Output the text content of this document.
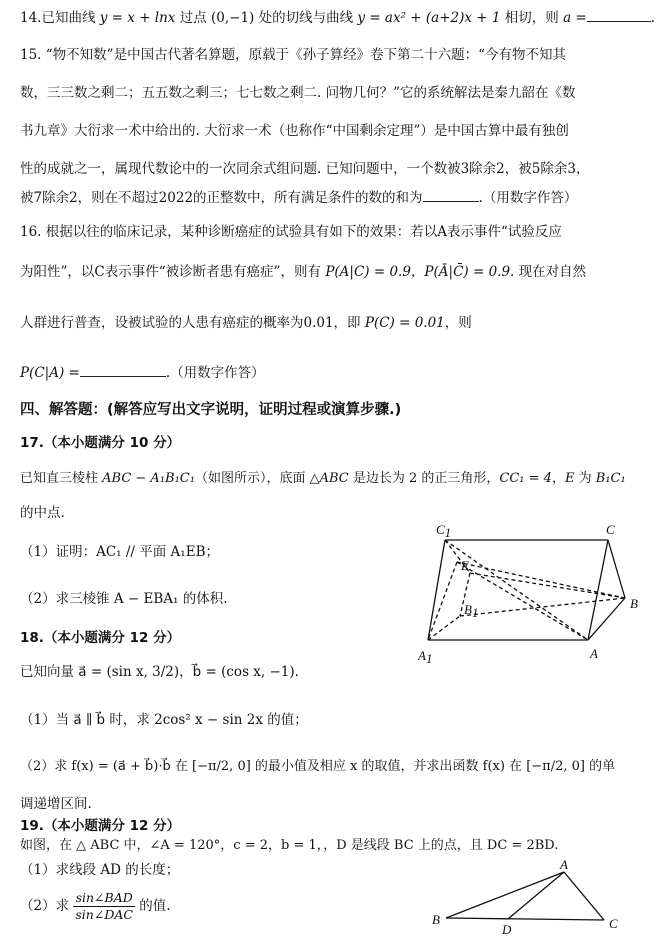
14.已知曲线 y = x + lnx 过点 (0,−1) 处的切线与曲线 y = ax² + (a+2)x + 1 相切，则 a =	.
15. “物不知数”是中国古代著名算题，原载于《孙子算经》卷下第二十六题：“今有物不知其
数，三三数之剩二；五五数之剩三；七七数之剩二. 问物几何？”它的系统解法是秦九韶在《数
书九章》大衍求一术中给出的. 大衍求一术（也称作“中国剩余定理”）是中国古算中最有独创
性的成就之一，属现代数论中的一次同余式组问题. 已知问题中，一个数被3除余2，被5除余3，
被7除余2，则在不超过2022的正整数中，所有满足条件的数的和为	.（用数字作答）
16. 根据以往的临床记录，某种诊断癌症的试验具有如下的效果：若以A表示事件“试验反应
为阳性”，以C表示事件“被诊断者患有癌症”，则有 P(A|C) = 0.9，P(Ā|C̄) = 0.9. 现在对自然
人群进行普查，设被试验的人患有癌症的概率为0.01，即 P(C) = 0.01，则
P(C|A) =	.（用数字作答）
四、解答题：(解答应写出文字说明，证明过程或演算步骤.)
17.（本小题满分 10 分）
已知直三棱柱 ABC − A₁B₁C₁（如图所示），底面 △ABC 是边长为 2 的正三角形，CC₁ = 4，E 为 B₁C₁
的中点.
（1）证明：AC₁ // 平面 A₁EB；
（2）求三棱锥 A − EBA₁ 的体积.
C1	C
E
B1
B
A1	A
18.（本小题满分 12 分）
已知向量 a⃗ = (sin x, 3/2)，b⃗ = (cos x, −1).
（1）当 a⃗ ∥ b⃗ 时，求 2cos² x − sin 2x 的值；
（2）求 f(x) = (a⃗ + b⃗)·b⃗ 在 [−π/2, 0] 的最小值及相应 x 的取值，并求出函数 f(x) 在 [−π/2, 0] 的单
调递增区间.
19.（本小题满分 12 分）
如图，在 △ ABC 中，∠A = 120°，c = 2，b = 1，，D 是线段 BC 上的点，且 DC = 2BD.
（1）求线段 AD 的长度；
（2）求
sin∠BAD
sin∠DAC
的值.
A
B
D	C
